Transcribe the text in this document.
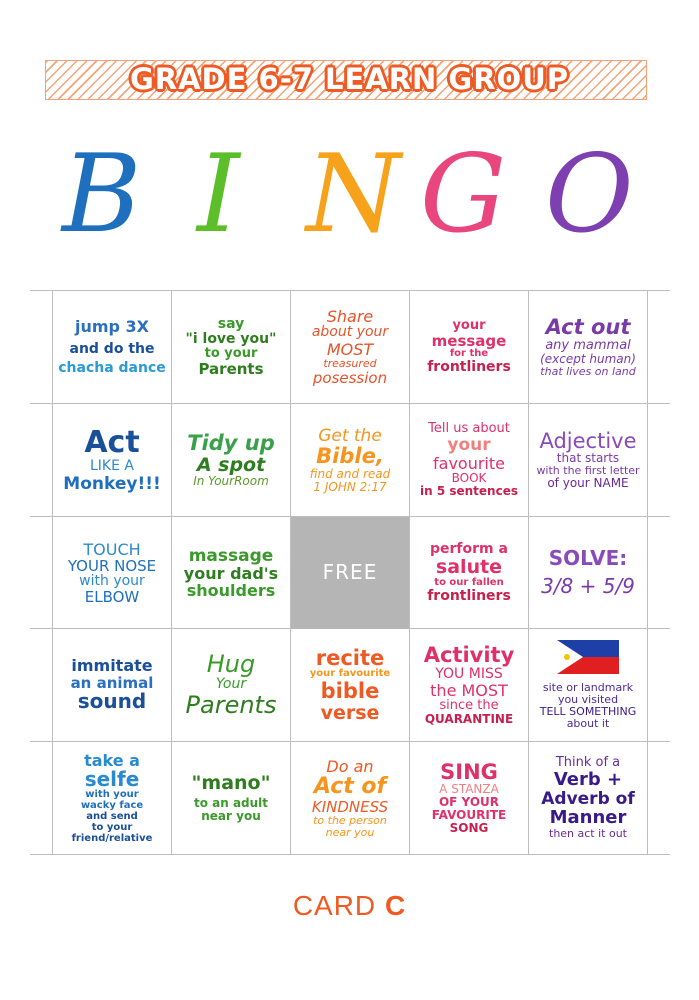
GRADE 6-7 LEARN GROUP
B I N G O
jump 3X
and do the
chacha dance
say
"i love you"
to your
Parents
Share
about your
MOST
treasured
posession
your
message
for the
frontliners
Act out
any mammal
(except human)
that lives on land
Act
LIKE A
Monkey!!!
Tidy up
A spot
In YourRoom
Get the
Bible,
find and read
1 JOHN 2:17
Tell us about
your
favourite
BOOK
in 5 sentences
Adjective
that starts
with the first letter
of your NAME
TOUCH
YOUR NOSE
with your
ELBOW
massage
your dad's
shoulders
FREE
perform a
salute
to our fallen
frontliners
SOLVE:
3/8 + 5/9
immitate
an animal
sound
Hug
Your
Parents
recite
your favourite
bible
verse
Activity
YOU MISS
the MOST
since the
QUARANTINE
site or landmark
you visited
TELL SOMETHING
about it
take a
selfe
with your
wacky face
and send
to your
friend/relative
"mano"
to an adult
near you
Do an
Act of
KINDNESS
to the person
near you
SING
A STANZA
OF YOUR
FAVOURITE
SONG
Think of a
Verb +
Adverb of
Manner
then act it out
CARD C
